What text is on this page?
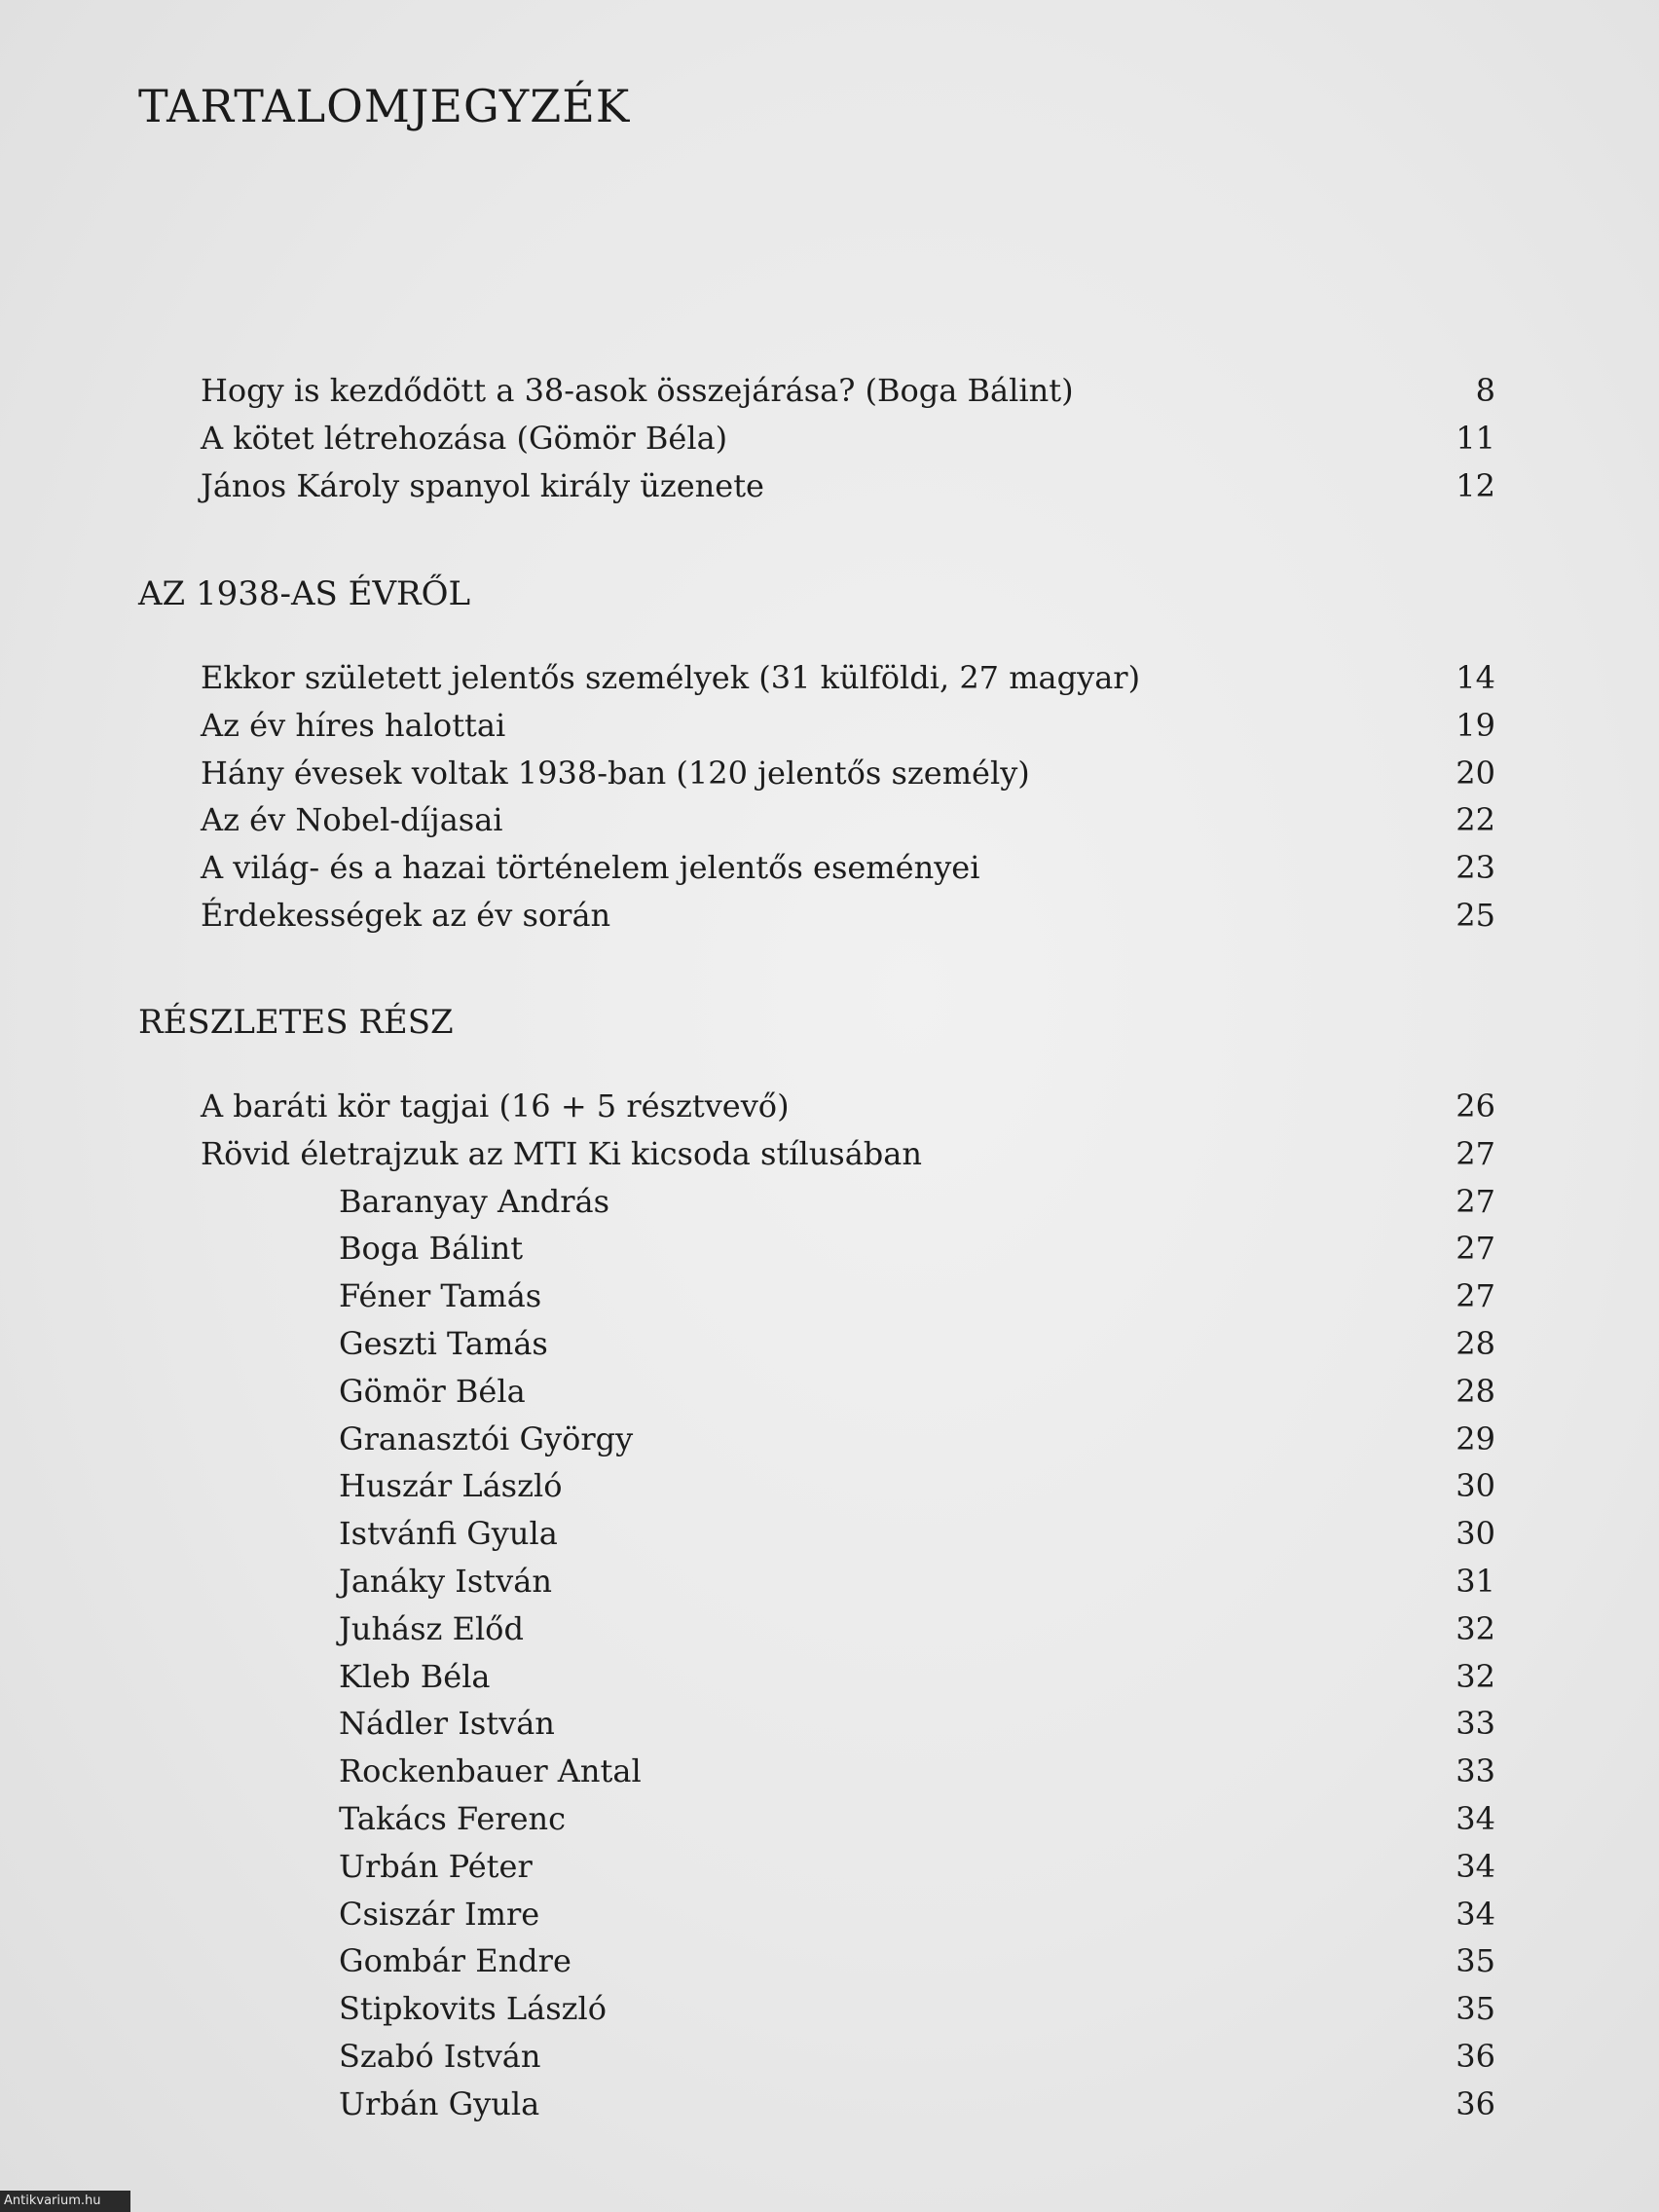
TARTALOMJEGYZÉK
Hogy is kezdődött a 38-asok összejárása? (Boga Bálint)	8
A kötet létrehozása (Gömör Béla)	11
János Károly spanyol király üzenete	12
AZ 1938-AS ÉVRŐL
Ekkor született jelentős személyek (31 külföldi, 27 magyar)	14
Az év híres halottai	19
Hány évesek voltak 1938-ban (120 jelentős személy)	20
Az év Nobel-díjasai	22
A világ- és a hazai történelem jelentős eseményei	23
Érdekességek az év során	25
RÉSZLETES RÉSZ
A baráti kör tagjai (16 + 5 résztvevő)	26
Rövid életrajzuk az MTI Ki kicsoda stílusában	27
Baranyay András	27
Boga Bálint	27
Féner Tamás	27
Geszti Tamás	28
Gömör Béla	28
Granasztói György	29
Huszár László	30
Istvánfi Gyula	30
Janáky István	31
Juhász Előd	32
Kleb Béla	32
Nádler István	33
Rockenbauer Antal	33
Takács Ferenc	34
Urbán Péter	34
Csiszár Imre	34
Gombár Endre	35
Stipkovits László	35
Szabó István	36
Urbán Gyula	36
Antikvarium.hu
